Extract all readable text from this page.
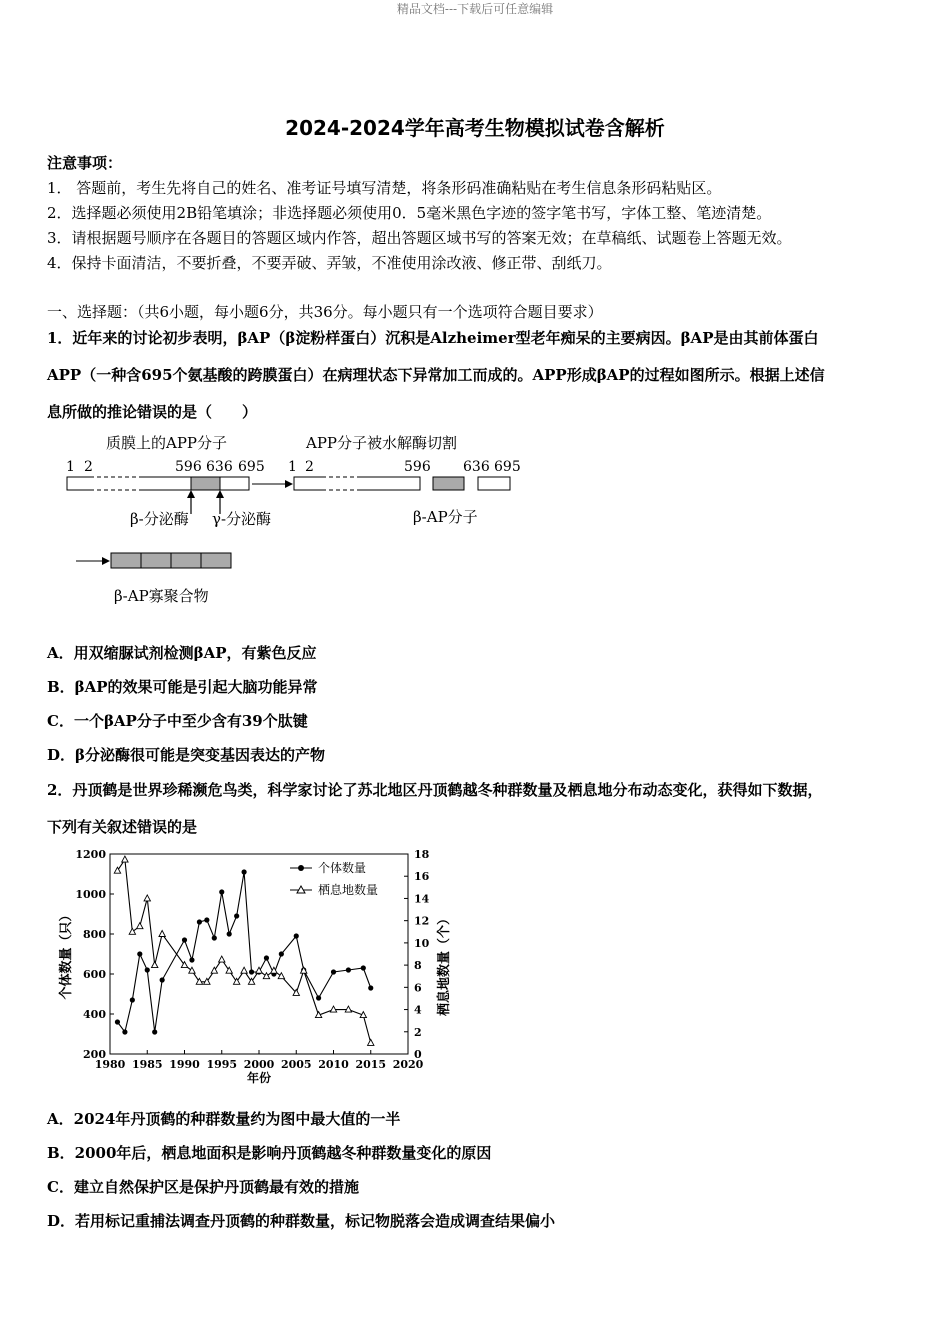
精品文档---下载后可任意编辑
2024-2024学年高考生物模拟试卷含解析
注意事项：
1． 答题前，考生先将自己的姓名、准考证号填写清楚，将条形码准确粘贴在考生信息条形码粘贴区。
2．选择题必须使用2B铅笔填涂；非选择题必须使用0．5毫米黑色字迹的签字笔书写，字体工整、笔迹清楚。
3．请根据题号顺序在各题目的答题区域内作答，超出答题区域书写的答案无效；在草稿纸、试题卷上答题无效。
4．保持卡面清洁，不要折叠，不要弄破、弄皱，不准使用涂改液、修正带、刮纸刀。
一、选择题：（共6小题，每小题6分，共36分。每小题只有一个选项符合题目要求）
1．近年来的讨论初步表明，βAP（β淀粉样蛋白）沉积是Alzheimer型老年痴呆的主要病因。βAP是由其前体蛋白
APP（一种含695个氨基酸的跨膜蛋白）在病理状态下异常加工而成的。APP形成βAP的过程如图所示。根据上述信
息所做的推论错误的是（　　）
质膜上的APP分子	APP分子被水解酶切割
1 2	596 636 695 1 2	596 636 695
β-分泌酶 γ-分泌酶	β-AP分子
β-AP寡聚合物
A．用双缩脲试剂检测βAP，有紫色反应
B．βAP的效果可能是引起大脑功能异常
C．一个βAP分子中至少含有39个肽键
D．β分泌酶很可能是突变基因表达的产物
2．丹顶鹤是世界珍稀濒危鸟类，科学家讨论了苏北地区丹顶鹤越冬种群数量及栖息地分布动态变化，获得如下数据，
下列有关叙述错误的是
1980 1985 1990 1995 2000 2005 2010 2015 2020
200
400
600
800
1000
1200
0
2
4
6
8
10
12
14
16
18
个体数量（只）	栖息地数量（个）
年份
个体数量
栖息地数量
A．2024年丹顶鹤的种群数量约为图中最大值的一半
B．2000年后，栖息地面积是影响丹顶鹤越冬种群数量变化的原因
C．建立自然保护区是保护丹顶鹤最有效的措施
D．若用标记重捕法调查丹顶鹤的种群数量，标记物脱落会造成调查结果偏小
